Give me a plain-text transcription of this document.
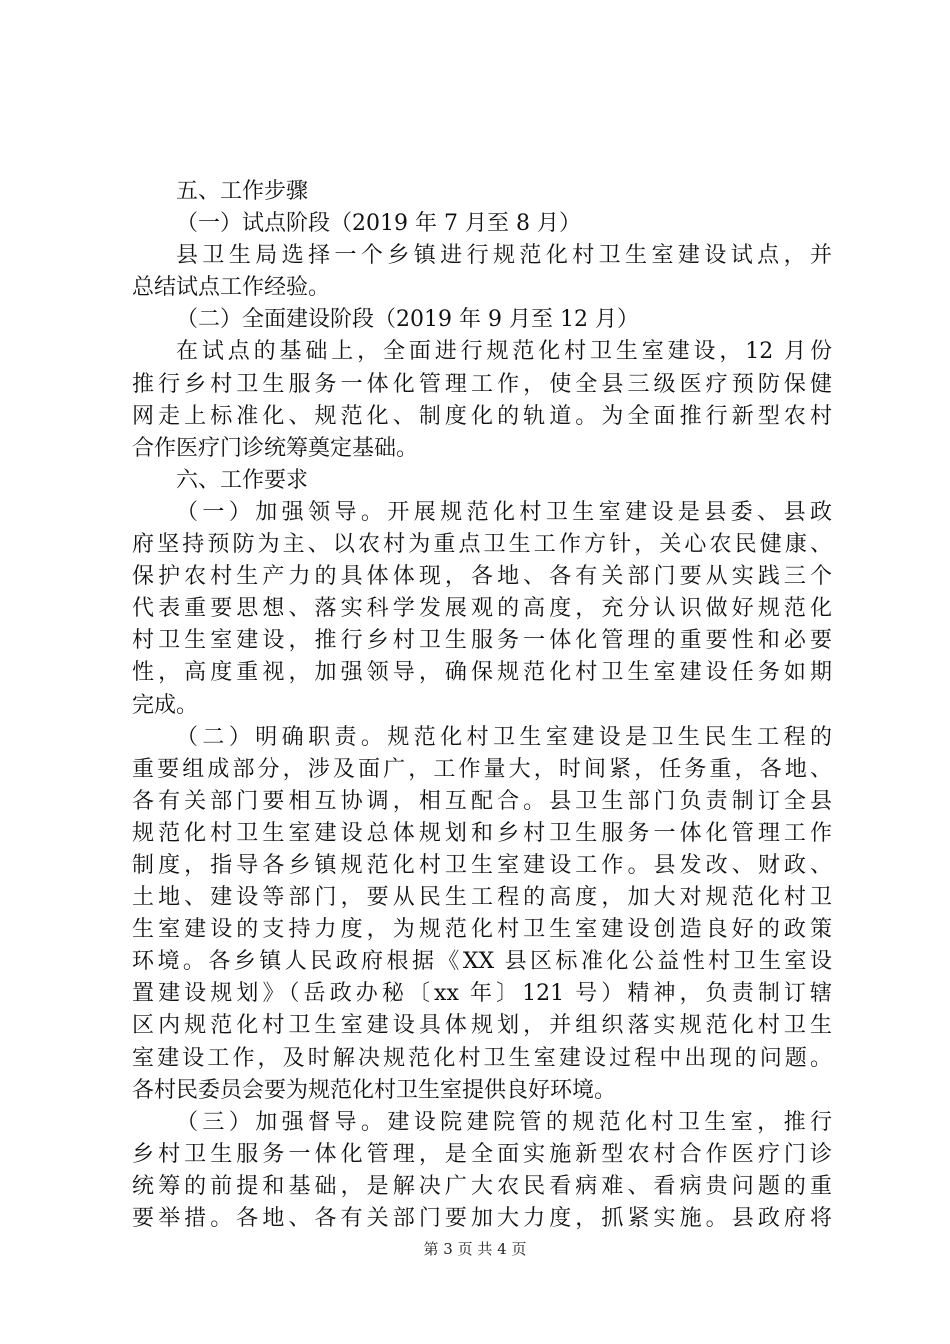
五、工作步骤
（一）试点阶段（2019 年 7 月至 8 月）
县卫生局选择一个乡镇进行规范化村卫生室建设试点，并
总结试点工作经验。
（二）全面建设阶段（2019 年 9 月至 12 月）
在试点的基础上，全面进行规范化村卫生室建设，12 月份
推行乡村卫生服务一体化管理工作，使全县三级医疗预防保健
网走上标准化、规范化、制度化的轨道。为全面推行新型农村
合作医疗门诊统筹奠定基础。
六、工作要求
（一）加强领导。开展规范化村卫生室建设是县委、县政
府坚持预防为主、以农村为重点卫生工作方针，关心农民健康、
保护农村生产力的具体体现，各地、各有关部门要从实践三个
代表重要思想、落实科学发展观的高度，充分认识做好规范化
村卫生室建设，推行乡村卫生服务一体化管理的重要性和必要
性，高度重视，加强领导，确保规范化村卫生室建设任务如期
完成。
（二）明确职责。规范化村卫生室建设是卫生民生工程的
重要组成部分，涉及面广，工作量大，时间紧，任务重，各地、
各有关部门要相互协调，相互配合。县卫生部门负责制订全县
规范化村卫生室建设总体规划和乡村卫生服务一体化管理工作
制度，指导各乡镇规范化村卫生室建设工作。县发改、财政、
土地、建设等部门，要从民生工程的高度，加大对规范化村卫
生室建设的支持力度，为规范化村卫生室建设创造良好的政策
环境。各乡镇人民政府根据《XX 县区标准化公益性村卫生室设
置建设规划》（岳政办秘〔xx 年〕121 号）精神，负责制订辖
区内规范化村卫生室建设具体规划，并组织落实规范化村卫生
室建设工作，及时解决规范化村卫生室建设过程中出现的问题。
各村民委员会要为规范化村卫生室提供良好环境。
（三）加强督导。建设院建院管的规范化村卫生室，推行
乡村卫生服务一体化管理，是全面实施新型农村合作医疗门诊
统筹的前提和基础，是解决广大农民看病难、看病贵问题的重
要举措。各地、各有关部门要加大力度，抓紧实施。县政府将
第 3 页 共 4 页
